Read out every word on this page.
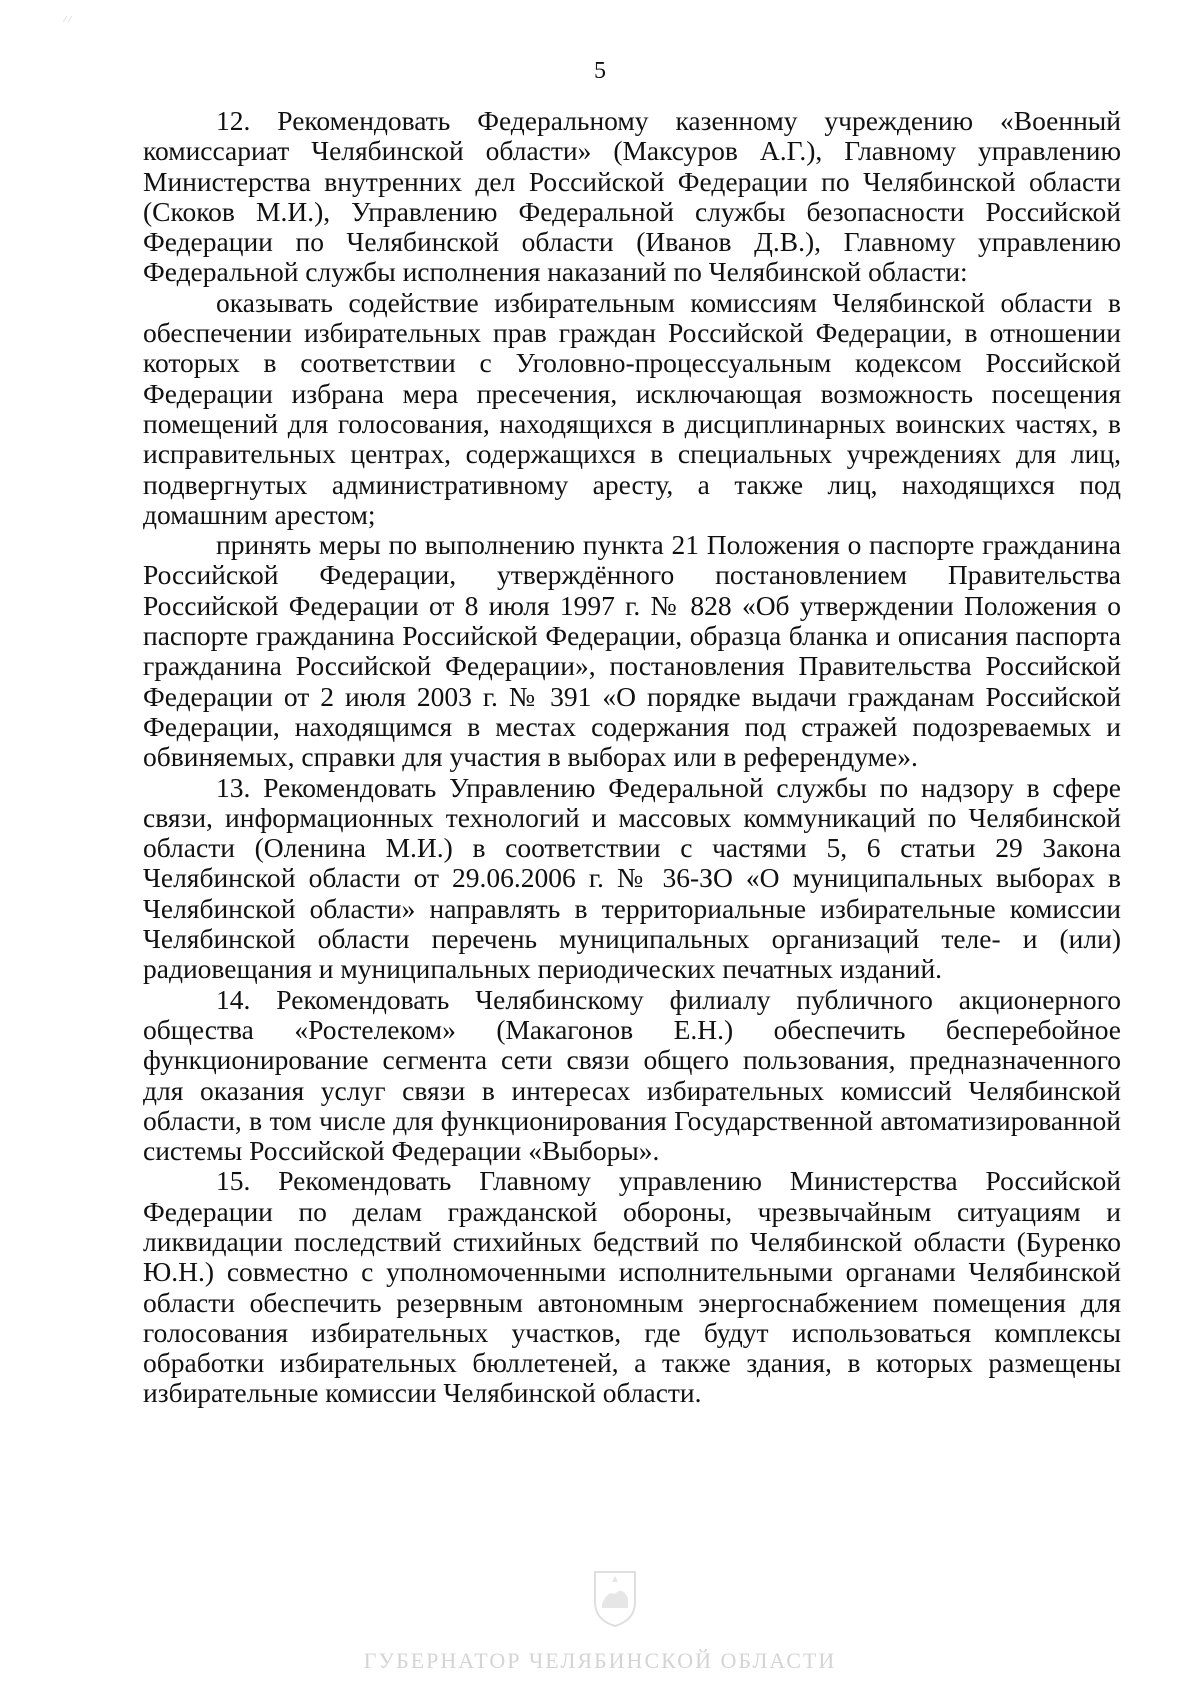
5

12. Рекомендовать Федеральному казенному учреждению «Военный комиссариат Челябинской области» (Максуров А.Г.), Главному управлению Министерства внутренних дел Российской Федерации по Челябинской области (Скоков М.И.), Управлению Федеральной службы безопасности Российской Федерации по Челябинской области (Иванов Д.В.), Главному управлению Федеральной службы исполнения наказаний по Челябинской области:

оказывать содействие избирательным комиссиям Челябинской области в обеспечении избирательных прав граждан Российской Федерации, в отношении которых в соответствии с Уголовно-процессуальным кодексом Российской Федерации избрана мера пресечения, исключающая возможность посещения помещений для голосования, находящихся в дисциплинарных воинских частях, в исправительных центрах, содержащихся в специальных учреждениях для лиц, подвергнутых административному аресту, а также лиц, находящихся под домашним арестом;

принять меры по выполнению пункта 21 Положения о паспорте гражданина Российской Федерации, утверждённого постановлением Правительства Российской Федерации от 8 июля 1997 г. № 828 «Об утверждении Положения о паспорте гражданина Российской Федерации, образца бланка и описания паспорта гражданина Российской Федерации», постановления Правительства Российской Федерации от 2 июля 2003 г. № 391 «О порядке выдачи гражданам Российской Федерации, находящимся в местах содержания под стражей подозреваемых и обвиняемых, справки для участия в выборах или в референдуме».

13. Рекомендовать Управлению Федеральной службы по надзору в сфере связи, информационных технологий и массовых коммуникаций по Челябинской области (Оленина М.И.) в соответствии с частями 5, 6 статьи 29 Закона Челябинской области от 29.06.2006 г. № 36-ЗО «О муниципальных выборах в Челябинской области» направлять в территориальные избирательные комиссии Челябинской области перечень муниципальных организаций теле- и (или) радиовещания и муниципальных периодических печатных изданий.

14. Рекомендовать Челябинскому филиалу публичного акционерного общества «Ростелеком» (Макагонов Е.Н.) обеспечить бесперебойное функционирование сегмента сети связи общего пользования, предназначенного для оказания услуг связи в интересах избирательных комиссий Челябинской области, в том числе для функционирования Государственной автоматизированной системы Российской Федерации «Выборы».

15. Рекомендовать Главному управлению Министерства Российской Федерации по делам гражданской обороны, чрезвычайным ситуациям и ликвидации последствий стихийных бедствий по Челябинской области (Буренко Ю.Н.) совместно с уполномоченными исполнительными органами Челябинской области обеспечить резервным автономным энергоснабжением помещения для голосования избирательных участков, где будут использоваться комплексы обработки избирательных бюллетеней, а также здания, в которых размещены избирательные комиссии Челябинской области.

ГУБЕРНАТОР ЧЕЛЯБИНСКОЙ ОБЛАСТИ
